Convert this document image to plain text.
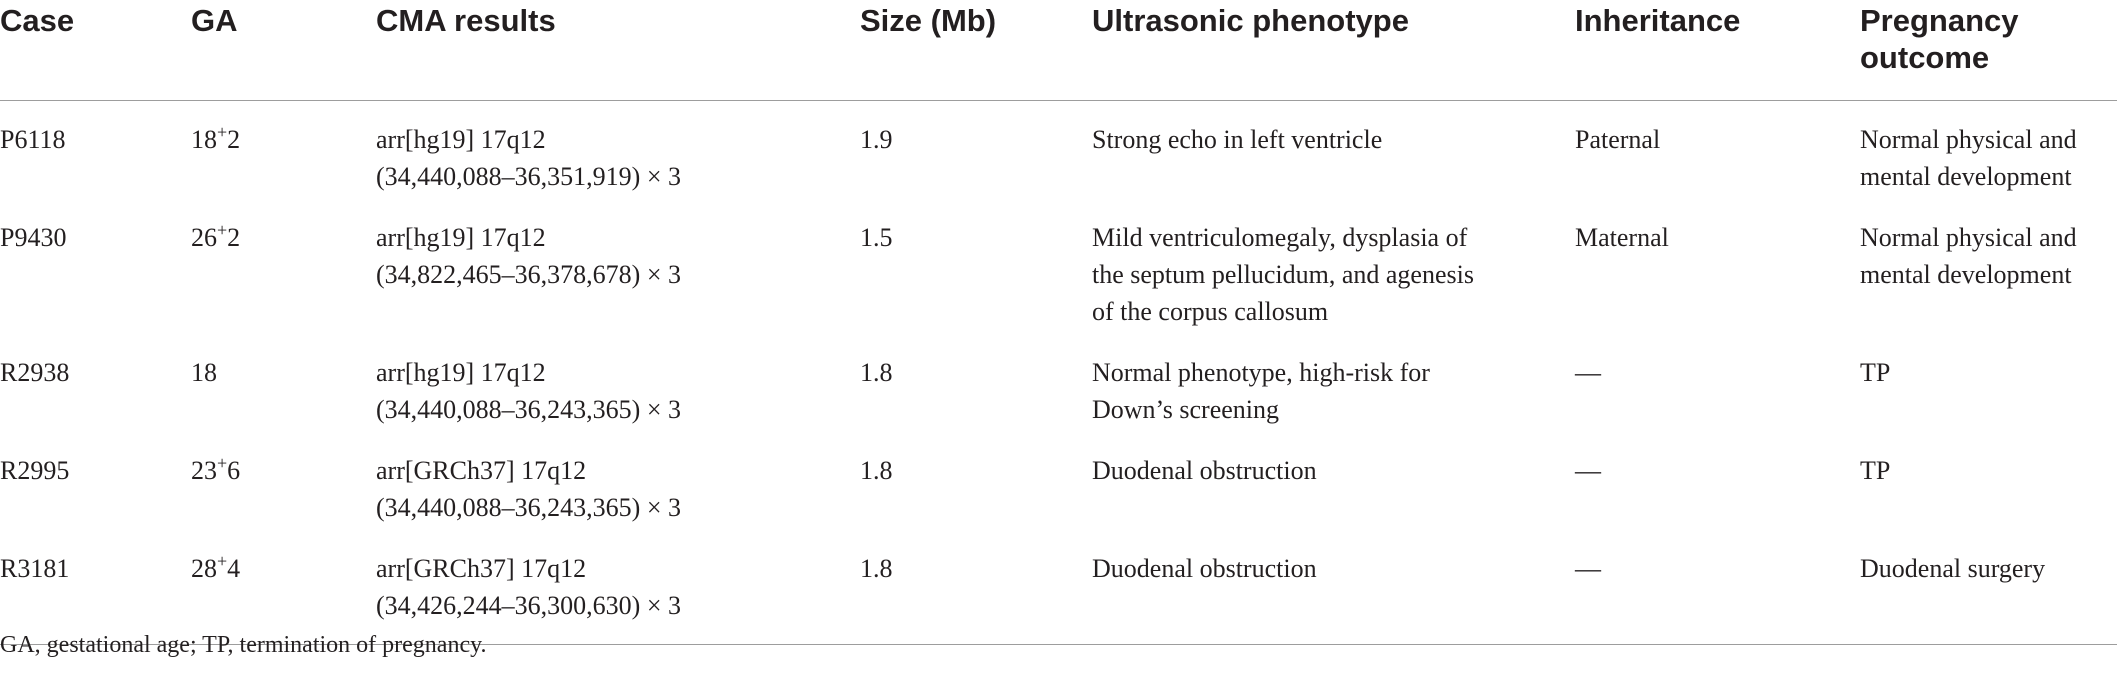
Case	GA	CMA results	Size (Mb)	Ultrasonic phenotype	Inheritance	Pregnancy
outcome

P6118	18+2	arr[hg19] 17q12
(34,440,088–36,351,919) × 3	1.9	Strong echo in left ventricle	Paternal	Normal physical and
mental development

P9430	26+2	arr[hg19] 17q12
(34,822,465–36,378,678) × 3	1.5	Mild ventriculomegaly, dysplasia of
the septum pellucidum, and agenesis
of the corpus callosum	Maternal	Normal physical and
mental development

R2938	18	arr[hg19] 17q12
(34,440,088–36,243,365) × 3	1.8	Normal phenotype, high-risk for
Down’s screening	—	TP

R2995	23+6	arr[GRCh37] 17q12
(34,440,088–36,243,365) × 3	1.8	Duodenal obstruction	—	TP

R3181	28+4	arr[GRCh37] 17q12
(34,426,244–36,300,630) × 3	1.8	Duodenal obstruction	—	Duodenal surgery
GA, gestational age; TP, termination of pregnancy.
